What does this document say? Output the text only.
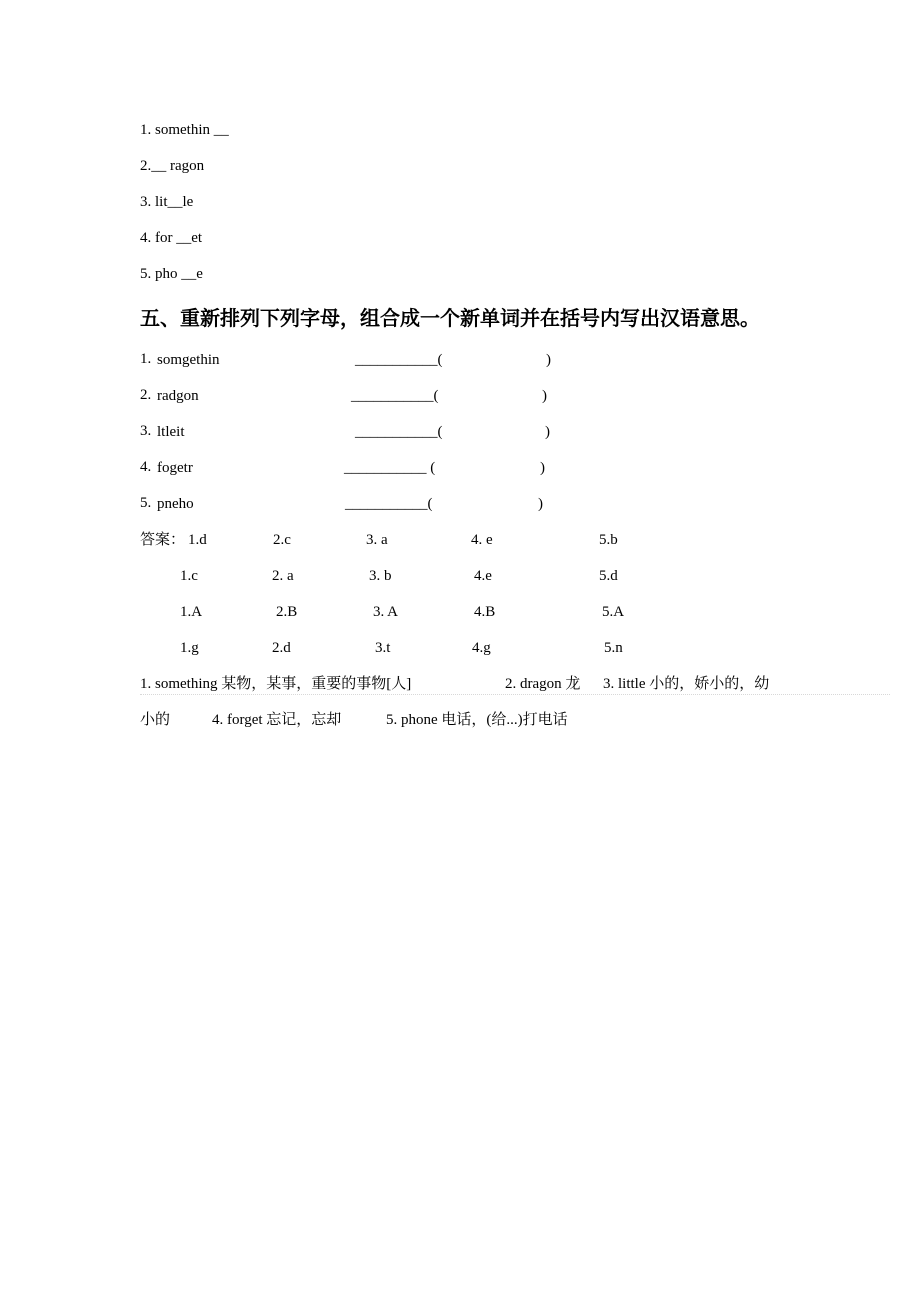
1. somethin __
2.__ ragon
3. lit__le
4. for __et
5. pho __e
五、重新排列下列字母，组合成一个新单词并在括号内写出汉语意思。
1. somgethin	___________(	)
2. radgon	___________(	)
3. ltleit	___________(	)
4. fogetr	___________ (	)
5. pneho	___________(	)
答案： 1.d	2.c	3. a	4. e	5.b
1.c	2. a	3. b	4.e	5.d
1.A	2.B	3. A	4.B	5.A
1.g	2.d	3.t	4.g	5.n
1. something 某物，某事，重要的事物[人]	2. dragon 龙 3. little 小的，娇小的，幼
小的	4. forget 忘记，忘却	5. phone 电话，(给...)打电话
